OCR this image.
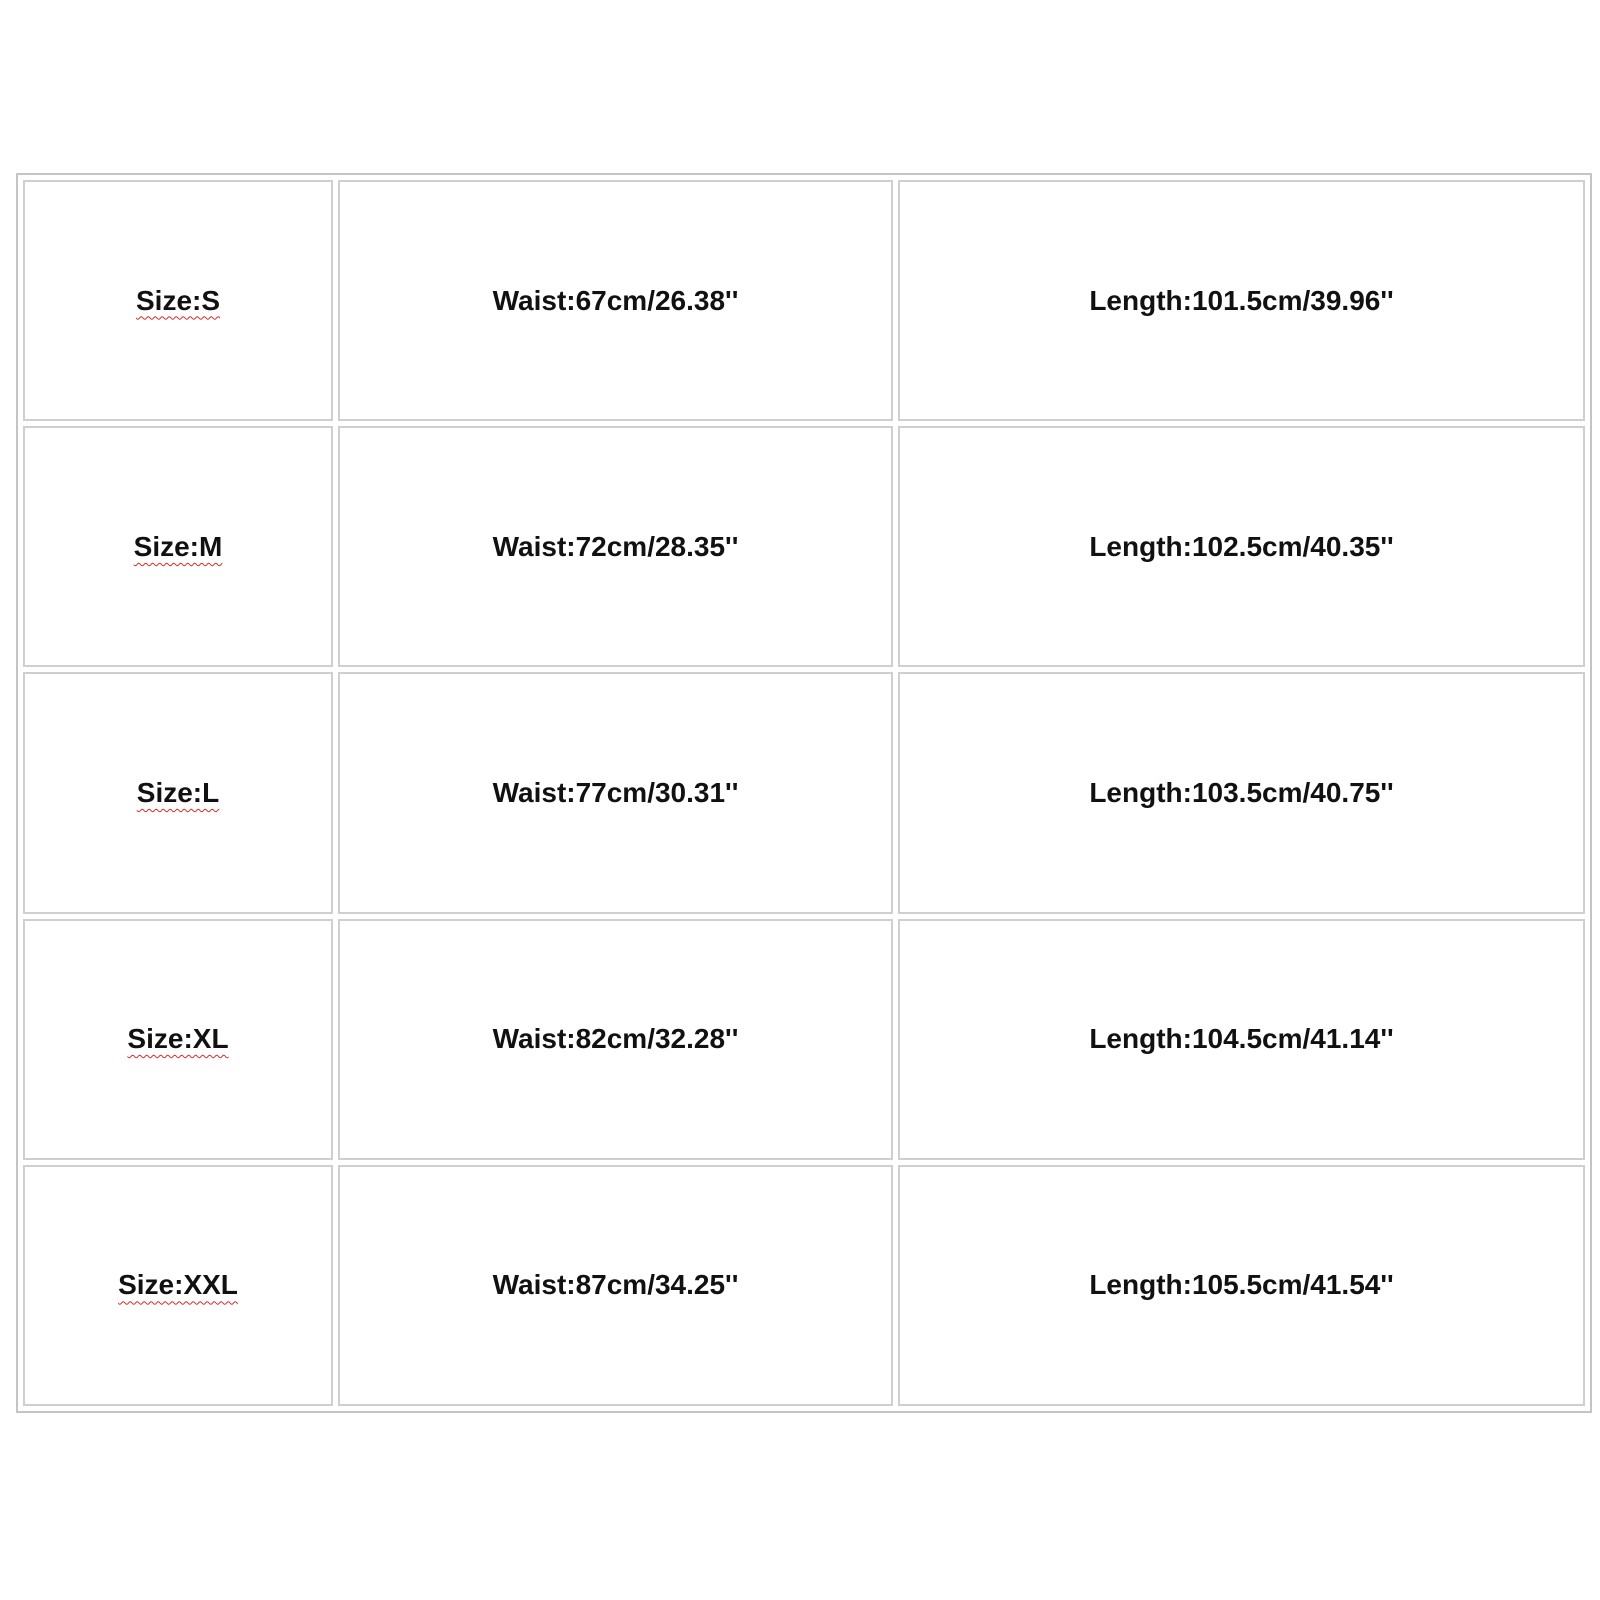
Size:S	Waist:67cm/26.38''	Length:101.5cm/39.96''
Size:M	Waist:72cm/28.35''	Length:102.5cm/40.35''
Size:L	Waist:77cm/30.31''	Length:103.5cm/40.75''
Size:XL	Waist:82cm/32.28''	Length:104.5cm/41.14''
Size:XXL	Waist:87cm/34.25''	Length:105.5cm/41.54''
